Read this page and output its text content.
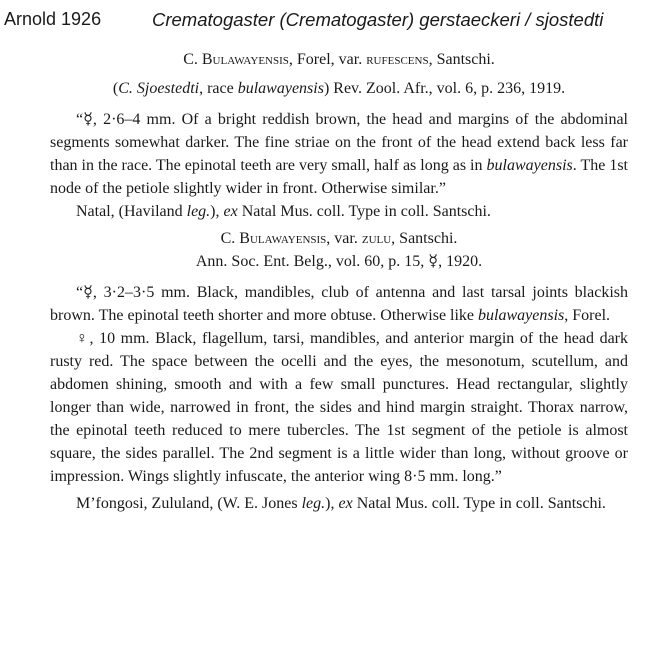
Arnold 1926	Crematogaster (Crematogaster) gerstaeckeri / sjostedti

C. Bulawayensis, Forel, var. rufescens, Santschi.

(C. Sjoestedti, race bulawayensis) Rev. Zool. Afr., vol. 6, p. 236, 1919.

“☿, 2·6–4 mm. Of a bright reddish brown, the head and margins of the abdominal segments somewhat darker. The fine striae on the front of the head extend back less far than in the race. The epinotal teeth are very small, half as long as in bulawayensis. The 1st node of the petiole slightly wider in front. Otherwise similar.”

Natal, (Haviland leg.), ex Natal Mus. coll. Type in coll. Santschi.

C. Bulawayensis, var. zulu, Santschi.

Ann. Soc. Ent. Belg., vol. 60, p. 15, ☿, 1920.

“☿, 3·2–3·5 mm. Black, mandibles, club of antenna and last tarsal joints blackish brown. The epinotal teeth shorter and more obtuse. Otherwise like bulawayensis, Forel.

♀, 10 mm. Black, flagellum, tarsi, mandibles, and anterior margin of the head dark rusty red. The space between the ocelli and the eyes, the mesonotum, scutellum, and abdomen shining, smooth and with a few small punctures. Head rectangular, slightly longer than wide, narrowed in front, the sides and hind margin straight. Thorax narrow, the epinotal teeth reduced to mere tubercles. The 1st segment of the petiole is almost square, the sides parallel. The 2nd segment is a little wider than long, without groove or impression. Wings slightly infuscate, the anterior wing 8·5 mm. long.”

M’fongosi, Zululand, (W. E. Jones leg.), ex Natal Mus. coll. Type in coll. Santschi.
